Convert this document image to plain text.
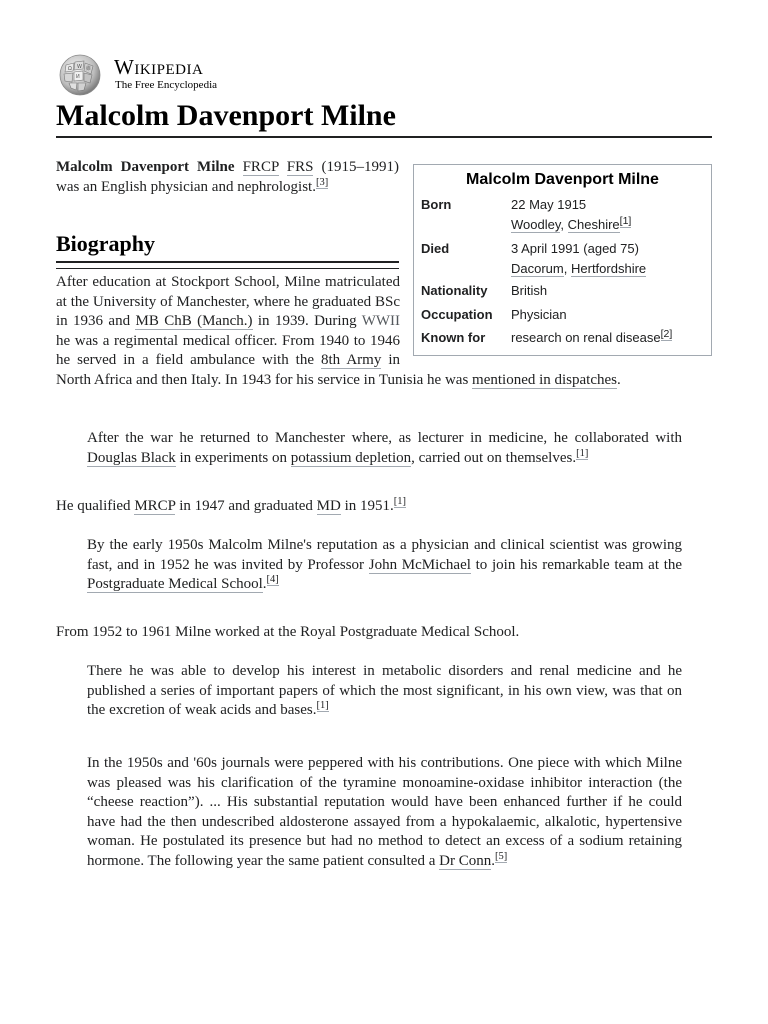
Ω W
И
維 Wikipedia
The Free Encyclopedia
Malcolm Davenport Milne

Malcolm Davenport Milne FRCP FRS (1915–1991) was an English physician and nephrologist.[3]

Biography
Malcolm Davenport Milne
Born	22 May 1915
Woodley, Cheshire[1]
Died	3 April 1991 (aged 75)
Dacorum, Hertfordshire
Nationality	British
Occupation	Physician
Known for	research on renal disease[2]

After education at Stockport School, Milne matriculated at the University of Manchester, where he graduated BSc in 1936 and MB ChB (Manch.) in 1939. During WWII he was a regimental medical officer. From 1940 to 1946 he served in a field ambulance with the 8th Army in North Africa and then Italy. In 1943 for his service in Tunisia he was mentioned in dispatches.

After the war he returned to Manchester where, as lecturer in medicine, he collaborated with Douglas Black in experiments on potassium depletion, carried out on themselves.[1]

He qualified MRCP in 1947 and graduated MD in 1951.[1]

By the early 1950s Malcolm Milne's reputation as a physician and clinical scientist was growing fast, and in 1952 he was invited by Professor John McMichael to join his remarkable team at the Postgraduate Medical School.[4]

From 1952 to 1961 Milne worked at the Royal Postgraduate Medical School.

There he was able to develop his interest in metabolic disorders and renal medicine and he published a series of important papers of which the most significant, in his own view, was that on the excretion of weak acids and bases.[1]

In the 1950s and '60s journals were peppered with his contributions. One piece with which Milne was pleased was his clarification of the tyramine monoamine-oxidase inhibitor interaction (the “cheese reaction”). ... His substantial reputation would have been enhanced further if he could have had the then undescribed aldosterone assayed from a hypokalaemic, alkalotic, hypertensive woman. He postulated its presence but had no method to detect an excess of a sodium retaining hormone. The following year the same patient consulted a Dr Conn.[5]
